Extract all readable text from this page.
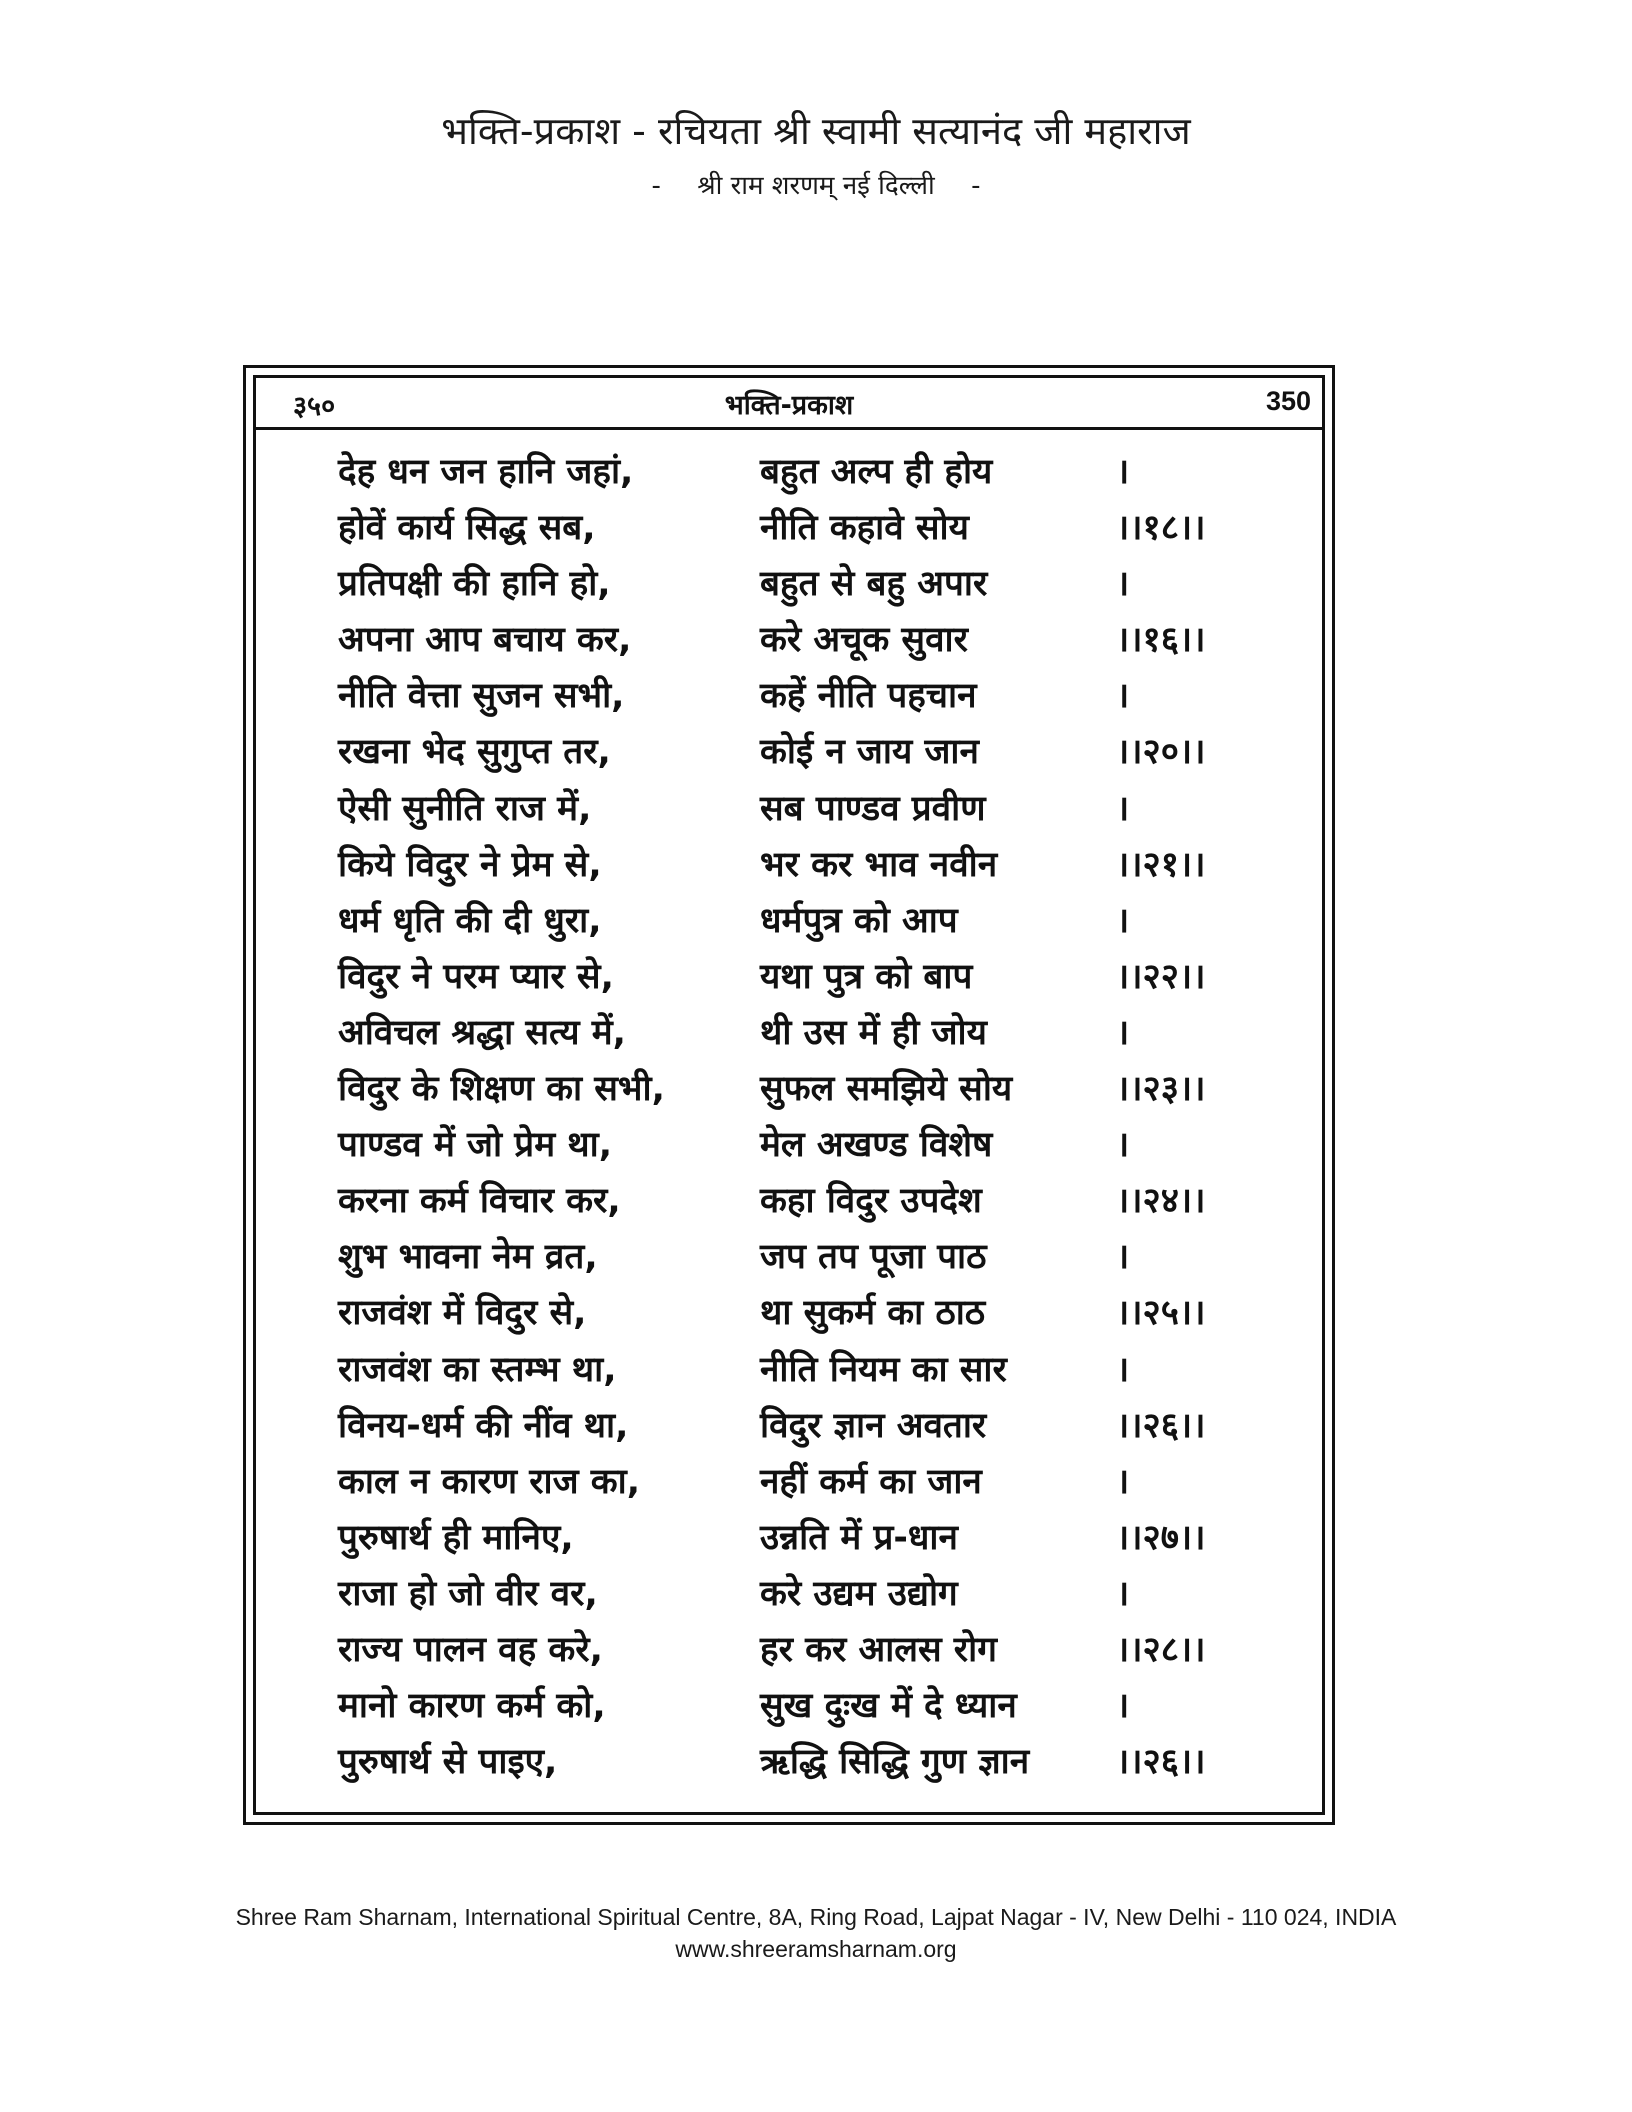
भक्ति-प्रकाश - रचियता श्री स्वामी सत्यानंद जी महाराज
- श्री राम शरणम् नई दिल्ली -
३५०	भक्ति-प्रकाश	350
देह धन जन हानि जहां,	बहुत अल्प ही होय	।
होवें कार्य सिद्ध सब,	नीति कहावे सोय	।।१८।।
प्रतिपक्षी की हानि हो,	बहुत से बहु अपार	।
अपना आप बचाय कर,	करे अचूक सुवार	।।१६।।
नीति वेत्ता सुजन सभी,	कहें नीति पहचान	।
रखना भेद सुगुप्त तर,	कोई न जाय जान	।।२०।।
ऐसी सुनीति राज में,	सब पाण्डव प्रवीण	।
किये विदुर ने प्रेम से,	भर कर भाव नवीन	।।२१।।
धर्म धृति की दी धुरा,	धर्मपुत्र को आप	।
विदुर ने परम प्यार से,	यथा पुत्र को बाप	।।२२।।
अविचल श्रद्धा सत्य में,	थी उस में ही जोय	।
विदुर के शिक्षण का सभी,	सुफल समझिये सोय	।।२३।।
पाण्डव में जो प्रेम था,	मेल अखण्ड विशेष	।
करना कर्म विचार कर,	कहा विदुर उपदेश	।।२४।।
शुभ भावना नेम व्रत,	जप तप पूजा पाठ	।
राजवंश में विदुर से,	था सुकर्म का ठाठ	।।२५।।
राजवंश का स्तम्भ था,	नीति नियम का सार	।
विनय-धर्म की नींव था,	विदुर ज्ञान अवतार	।।२६।।
काल न कारण राज का,	नहीं कर्म का जान	।
पुरुषार्थ ही मानिए,	उन्नति में प्र-धान	।।२७।।
राजा हो जो वीर वर,	करे उद्यम उद्योग	।
राज्य पालन वह करे,	हर कर आलस रोग	।।२८।।
मानो कारण कर्म को,	सुख दुःख में दे ध्यान	।
पुरुषार्थ से पाइए,	ऋद्धि सिद्धि गुण ज्ञान ।।२६।।
Shree Ram Sharnam, International Spiritual Centre, 8A, Ring Road, Lajpat Nagar - IV, New Delhi - 110 024, INDIA
www.shreeramsharnam.org
